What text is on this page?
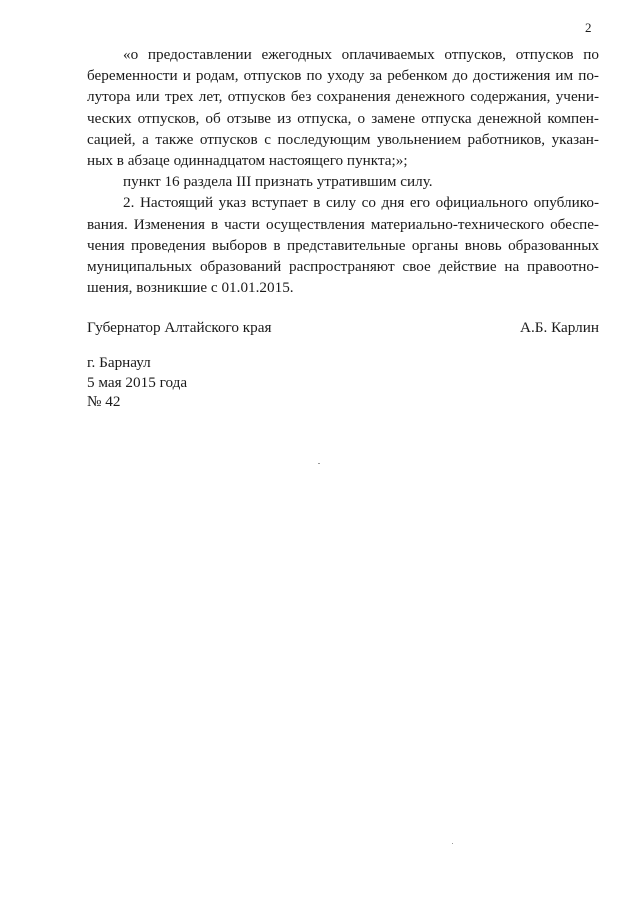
2
«о предоставлении ежегодных оплачиваемых отпусков, отпусков по
беременности и родам, отпусков по уходу за ребенком до достижения им по-
лутора или трех лет, отпусков без сохранения денежного содержания, учени-
ческих отпусков, об отзыве из отпуска, о замене отпуска денежной компен-
сацией, а также отпусков с последующим увольнением работников, указан-
ных в абзаце одиннадцатом настоящего пункта;»;
пункт 16 раздела III признать утратившим силу.
2. Настоящий указ вступает в силу со дня его официального опублико-
вания. Изменения в части осуществления материально-технического обеспе-
чения проведения выборов в представительные органы вновь образованных
муниципальных образований распространяют свое действие на правоотно-
шения, возникшие с 01.01.2015.
Губернатор Алтайского края	А.Б. Карлин
г. Барнаул
5 мая 2015 года
№ 42
